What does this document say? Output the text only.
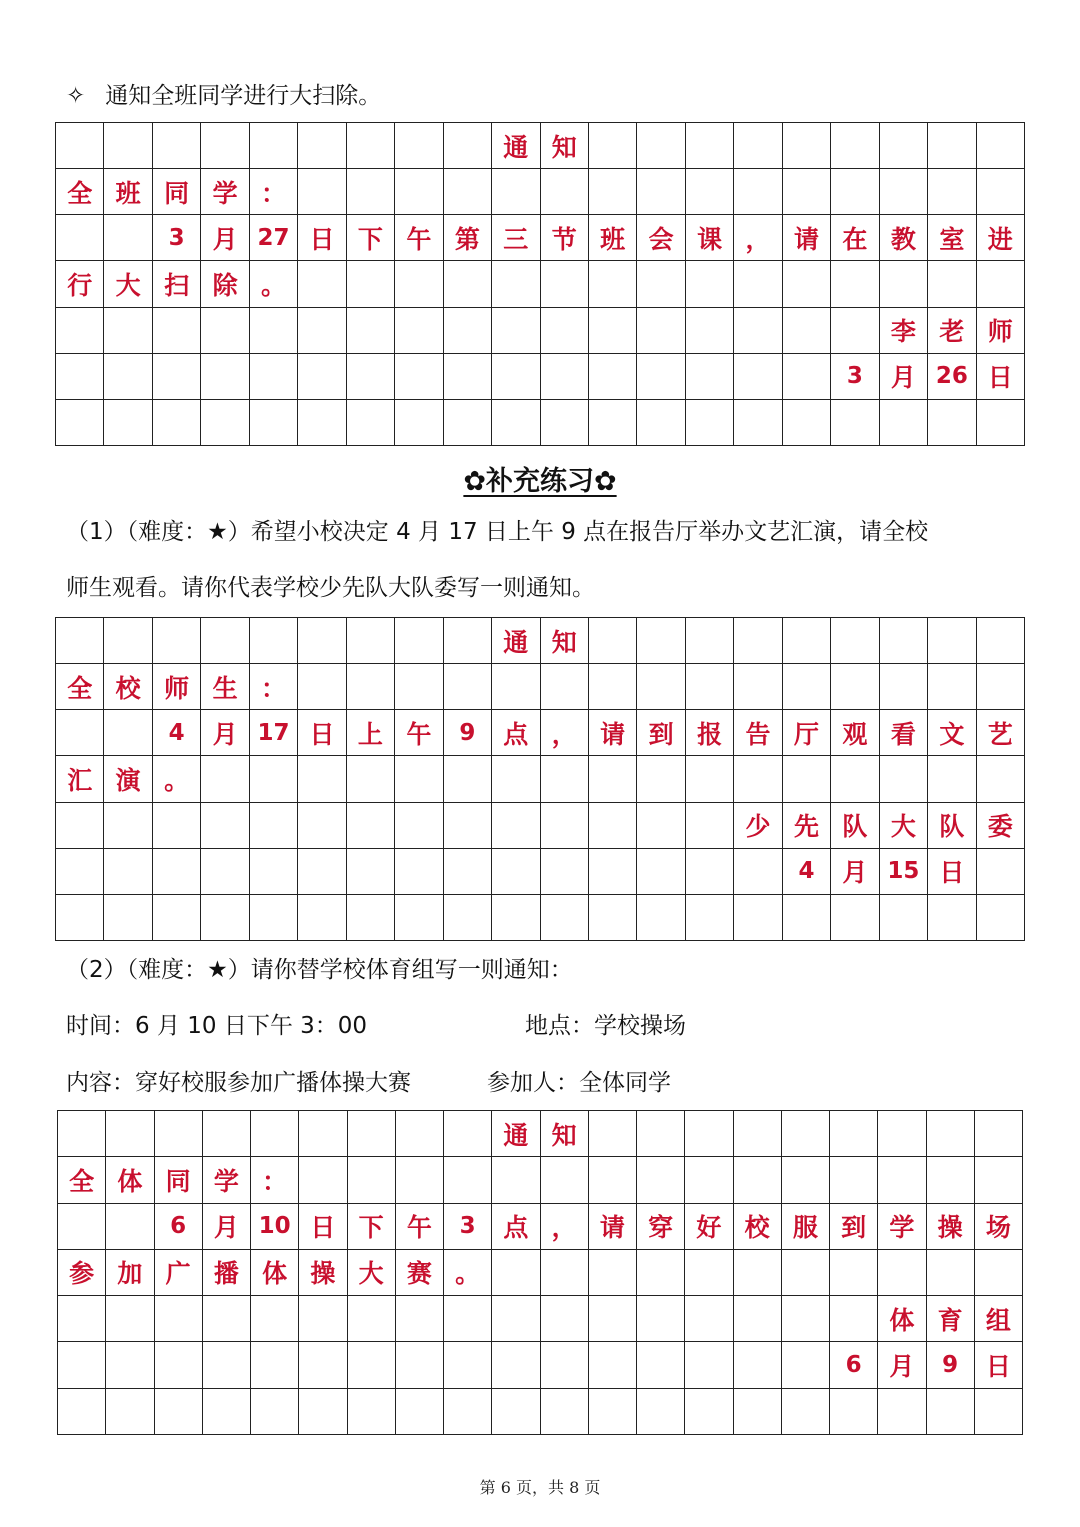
✧ 通知全班同学进行大扫除。
通 知
全 班 同 学 ：
3	月 27 日 下 午 第 三 节 班 会 课 ， 请 在 教 室 进
行 大 扫 除 。
李 老 师
3	月 26 日
✿补充练习✿
（1）（难度：★）希望小校决定 4 月 17 日上午 9 点在报告厅举办文艺汇演，请全校
师生观看。请你代表学校少先队大队委写一则通知。
通 知
全 校 师 生 ：
4	月 17 日 上 午	9	点 ， 请 到 报 告 厅 观 看 文 艺
汇 演 。
少 先 队 大 队 委
4	月 15 日
（2）（难度：★）请你替学校体育组写一则通知：
时间：6 月 10 日下午 3：00	地点：学校操场
内容：穿好校服参加广播体操大赛	参加人：全体同学
通 知
全 体 同 学 ：
6	月 10 日 下 午	3	点 ， 请 穿 好 校 服 到 学 操 场
参 加 广 播 体 操 大 赛 。
体 育 组
6	月	9	日
第 6 页，共 8 页
